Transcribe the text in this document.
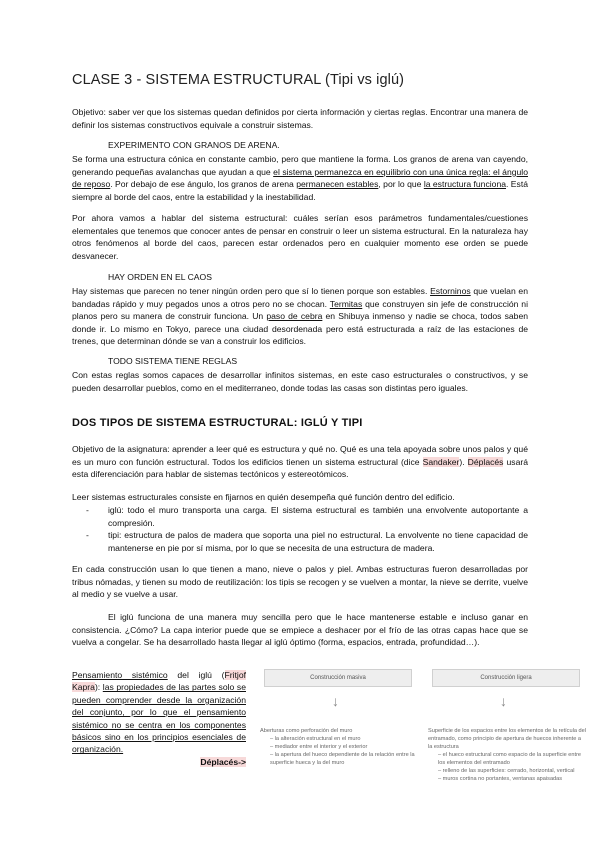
CLASE 3 - SISTEMA ESTRUCTURAL (Tipi vs iglú)
Objetivo: saber ver que los sistemas quedan definidos por cierta información y ciertas reglas. Encontrar una manera de definir los sistemas constructivos equivale a construir sistemas.
EXPERIMENTO CON GRANOS DE ARENA.
Se forma una estructura cónica en constante cambio, pero que mantiene la forma. Los granos de arena van cayendo, generando pequeñas avalanchas que ayudan a que el sistema permanezca en equilibrio con una única regla: el ángulo de reposo. Por debajo de ese ángulo, los granos de arena permanecen estables, por lo que la estructura funciona. Está siempre al borde del caos, entre la estabilidad y la inestabilidad.
Por ahora vamos a hablar del sistema estructural: cuáles serían esos parámetros fundamentales/cuestiones elementales que tenemos que conocer antes de pensar en construir o leer un sistema estructural. En la naturaleza hay otros fenómenos al borde del caos, parecen estar ordenados pero en cualquier momento ese orden se puede desvanecer.
HAY ORDEN EN EL CAOS
Hay sistemas que parecen no tener ningún orden pero que sí lo tienen porque son estables. Estorninos que vuelan en bandadas rápido y muy pegados unos a otros pero no se chocan. Termitas que construyen sin jefe de construcción ni planos pero su manera de construir funciona. Un paso de cebra en Shibuya inmenso y nadie se choca, todos saben donde ir. Lo mismo en Tokyo, parece una ciudad desordenada pero está estructurada a raíz de las estaciones de trenes, que determinan dónde se van a construir los edificios.
TODO SISTEMA TIENE REGLAS
Con estas reglas somos capaces de desarrollar infinitos sistemas, en este caso estructurales o constructivos, y se pueden desarrollar pueblos, como en el mediterraneo, donde todas las casas son distintas pero iguales.
DOS TIPOS DE SISTEMA ESTRUCTURAL: IGLÚ Y TIPI
Objetivo de la asignatura: aprender a leer qué es estructura y qué no. Qué es una tela apoyada sobre unos palos y qué es un muro con función estructural. Todos los edificios tienen un sistema estructural (dice Sandaker). Déplacés usará esta diferenciación para hablar de sistemas tectónicos y estereotómicos.
Leer sistemas estructurales consiste en fijarnos en quién desempeña qué función dentro del edificio.
- iglú: todo el muro transporta una carga. El sistema estructural es también una envolvente autoportante a compresión.
- tipi: estructura de palos de madera que soporta una piel no estructural. La envolvente no tiene capacidad de mantenerse en pie por sí misma, por lo que se necesita de una estructura de madera.
En cada construcción usan lo que tienen a mano, nieve o palos y piel. Ambas estructuras fueron desarrolladas por tribus nómadas, y tienen su modo de reutilización: los tipis se recogen y se vuelven a montar, la nieve se derrite, vuelve al medio y se vuelve a usar.
El iglú funciona de una manera muy sencilla pero que le hace mantenerse estable e incluso ganar en consistencia. ¿Cómo? La capa interior puede que se empiece a deshacer por el frío de las otras capas hace que se vuelva a congelar. Se ha desarrollado hasta llegar al iglú óptimo (forma, espacios, entrada, profundidad…).
Pensamiento sistémico del iglú (Fritjof Kapra): las propiedades de las partes solo se pueden comprender desde la organización del conjunto, por lo que el pensamiento sistémico no se centra en los componentes básicos sino en los principios esenciales de organización.
Déplacés->
Construcción masiva	Construcción ligera
↓	↓
Aberturas como perforación del muro
– la alteración estructural en el muro
– mediador entre el interior y el exterior
– la apertura del hueco dependiente de la relación entre la superficie hueca y la del muro
Superficie de los espacios entre los elementos de la retícula del entramado, como principio de apertura de huecos inherente a la estructura
– el hueco estructural como espacio de la superficie entre los elementos del entramado
– relleno de las superficies: cerrado, horizontal, vertical
– muros cortina no portantes, ventanas apaisadas
